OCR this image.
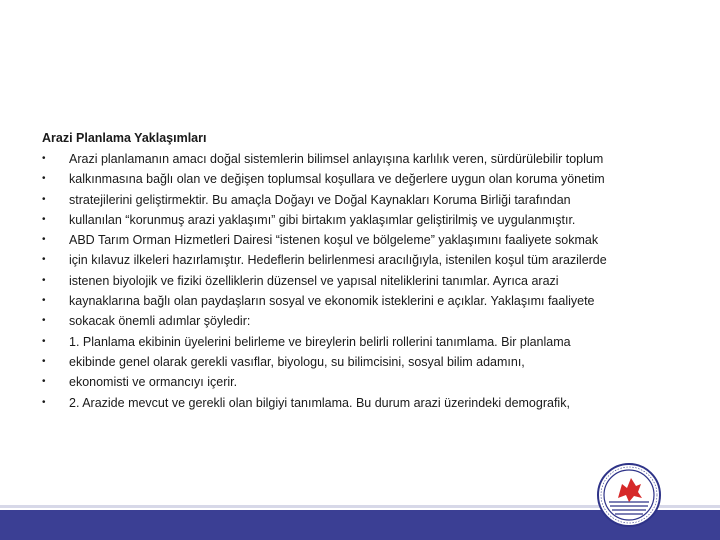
Arazi Planlama Yaklaşımları
• Arazi planlamanın amacı doğal sistemlerin bilimsel anlayışına karlılık veren, sürdürülebilir toplum
• kalkınmasına bağlı olan ve değişen toplumsal koşullara ve değerlere uygun olan koruma yönetim
• stratejilerini geliştirmektir. Bu amaçla Doğayı ve Doğal Kaynakları Koruma Birliği tarafından
• kullanılan “korunmuş arazi yaklaşımı” gibi birtakım yaklaşımlar geliştirilmiş ve uygulanmıştır.
• ABD Tarım Orman Hizmetleri Dairesi “istenen koşul ve bölgeleme” yaklaşımını faaliyete sokmak
• için kılavuz ilkeleri hazırlamıştır. Hedeflerin belirlenmesi aracılığıyla, istenilen koşul tüm arazilerde
• istenen biyolojik ve fiziki özelliklerin düzensel ve yapısal niteliklerini tanımlar. Ayrıca arazi
• kaynaklarına bağlı olan paydaşların sosyal ve ekonomik isteklerini e açıklar. Yaklaşımı faaliyete
• sokacak önemli adımlar şöyledir:
• 1. Planlama ekibinin üyelerini belirleme ve bireylerin belirli rollerini tanımlama. Bir planlama
• ekibinde genel olarak gerekli vasıflar, biyologu, su bilimcisini, sosyal bilim adamını,
• ekonomisti ve ormancıyı içerir.
• 2. Arazide mevcut ve gerekli olan bilgiyi tanımlama. Bu durum arazi üzerindeki demografik,
